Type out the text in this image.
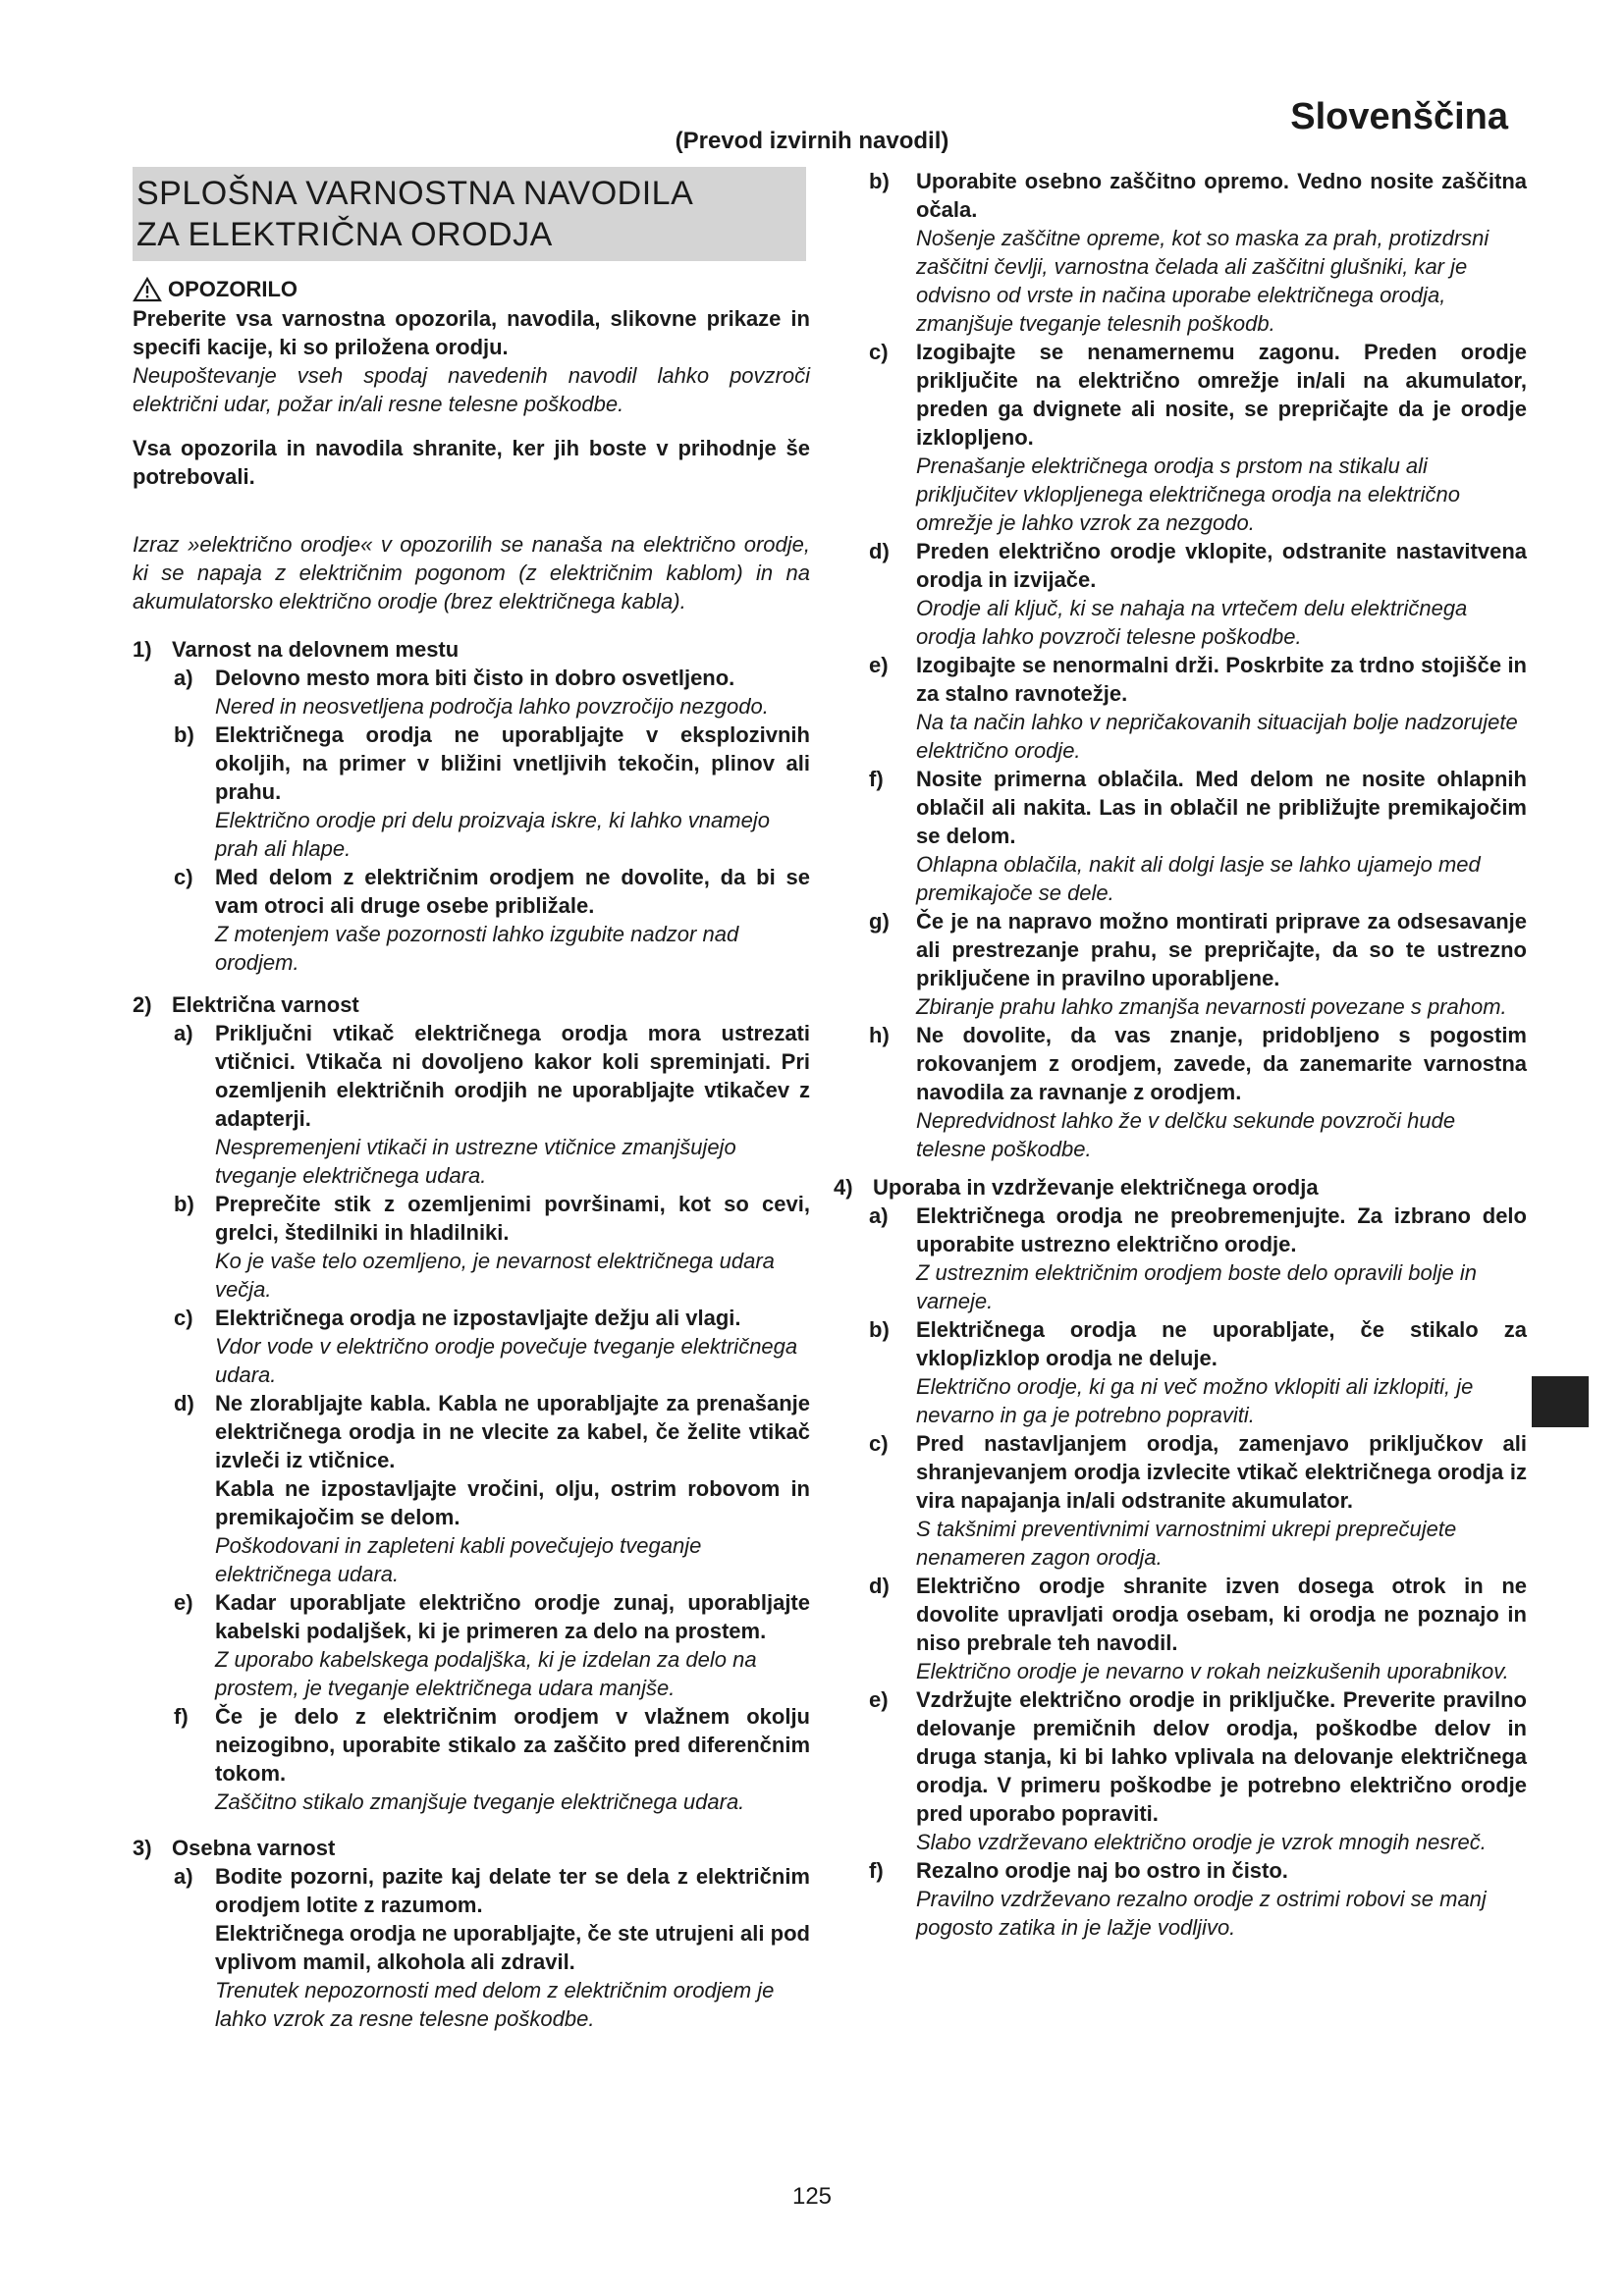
Slovenščina
(Prevod izvirnih navodil)
SPLOŠNA VARNOSTNA NAVODILA
ZA ELEKTRIČNA ORODJA
OPOZORILO

Preberite vsa varnostna opozorila, navodila, slikovne prikaze in specifi kacije, ki so priložena orodju.

Neupoštevanje vseh spodaj navedenih navodil lahko povzroči električni udar, požar in/ali resne telesne poškodbe.

Vsa opozorila in navodila shranite, ker jih boste v prihodnje še potrebovali.

Izraz »električno orodje« v opozorilih se nanaša na električno orodje, ki se napaja z električnim pogonom (z električnim kablom) in na akumulatorsko električno orodje (brez električnega kabla).

1) Varnost na delovnem mestu
a)	Delovno mesto mora biti čisto in dobro osvetljeno.

Nered in neosvetljena področja lahko povzročijo nezgodo.

b) Električnega orodja ne uporabljajte v eksplozivnih okoljih, na primer v bližini vnetljivih tekočin, plinov ali prahu.

Električno orodje pri delu proizvaja iskre, ki lahko vnamejo prah ali hlape.

c)	Med delom z električnim orodjem ne dovolite, da bi se vam otroci ali druge osebe približale.

Z motenjem vaše pozornosti lahko izgubite nadzor nad orodjem.

2) Električna varnost
a)	Priključni vtikač električnega orodja mora ustrezati vtičnici. Vtikača ni dovoljeno kakor koli spreminjati. Pri ozemljenih električnih orodjih ne uporabljajte vtikačev z adapterji.

Nespremenjeni vtikači in ustrezne vtičnice zmanjšujejo tveganje električnega udara.

b) Preprečite stik z ozemljenimi površinami, kot so cevi, grelci, štedilniki in hladilniki.

Ko je vaše telo ozemljeno, je nevarnost električnega udara večja.

c)	Električnega orodja ne izpostavljajte dežju ali vlagi.

Vdor vode v električno orodje povečuje tveganje električnega udara.

d) Ne zlorabljajte kabla. Kabla ne uporabljajte za prenašanje električnega orodja in ne vlecite za kabel, če želite vtikač izvleči iz vtičnice.

Kabla ne izpostavljajte vročini, olju, ostrim robovom in premikajočim se delom.

Poškodovani in zapleteni kabli povečujejo tveganje električnega udara.

e)	Kadar uporabljate električno orodje zunaj, uporabljajte kabelski podaljšek, ki je primeren za delo na prostem.

Z uporabo kabelskega podaljška, ki je izdelan za delo na prostem, je tveganje električnega udara manjše.

f)	Če je delo z električnim orodjem v vlažnem okolju neizogibno, uporabite stikalo za zaščito pred diferenčnim tokom.

Zaščitno stikalo zmanjšuje tveganje električnega udara.

3) Osebna varnost
a)	Bodite pozorni, pazite kaj delate ter se dela z električnim orodjem lotite z razumom.

Električnega orodja ne uporabljajte, če ste utrujeni ali pod vplivom mamil, alkohola ali zdravil.

Trenutek nepozornosti med delom z električnim orodjem je lahko vzrok za resne telesne poškodbe.

b)	Uporabite osebno zaščitno opremo. Vedno nosite zaščitna očala.

Nošenje zaščitne opreme, kot so maska za prah, protizdrsni zaščitni čevlji, varnostna čelada ali zaščitni glušniki, kar je odvisno od vrste in načina uporabe električnega orodja, zmanjšuje tveganje telesnih poškodb.

c)	Izogibajte se nenamernemu zagonu. Preden orodje priključite na električno omrežje in/ali na akumulator, preden ga dvignete ali nosite, se prepričajte da je orodje izklopljeno.

Prenašanje električnega orodja s prstom na stikalu ali priključitev vklopljenega električnega orodja na električno omrežje je lahko vzrok za nezgodo.

d)	Preden električno orodje vklopite, odstranite nastavitvena orodja in izvijače.

Orodje ali ključ, ki se nahaja na vrtečem delu električnega orodja lahko povzroči telesne poškodbe.

e)	Izogibajte se nenormalni drži. Poskrbite za trdno stojišče in za stalno ravnotežje.

Na ta način lahko v nepričakovanih situacijah bolje nadzorujete električno orodje.

f)	Nosite primerna oblačila. Med delom ne nosite ohlapnih oblačil ali nakita. Las in oblačil ne približujte premikajočim se delom.

Ohlapna oblačila, nakit ali dolgi lasje se lahko ujamejo med premikajoče se dele.

g)	Če je na napravo možno montirati priprave za odsesavanje ali prestrezanje prahu, se prepričajte, da so te ustrezno priključene in pravilno uporabljene.

Zbiranje prahu lahko zmanjša nevarnosti povezane s prahom.

h)	Ne dovolite, da vas znanje, pridobljeno s pogostim rokovanjem z orodjem, zavede, da zanemarite varnostna navodila za ravnanje z orodjem.

Nepredvidnost lahko že v delčku sekunde povzroči hude telesne poškodbe.

4) Uporaba in vzdrževanje električnega orodja
a)	Električnega orodja ne preobremenjujte. Za izbrano delo uporabite ustrezno električno orodje.

Z ustreznim električnim orodjem boste delo opravili bolje in varneje.

b)	Električnega orodja ne uporabljate, če stikalo za vklop/izklop orodja ne deluje.

Električno orodje, ki ga ni več možno vklopiti ali izklopiti, je nevarno in ga je potrebno popraviti.

c)	Pred nastavljanjem orodja, zamenjavo priključkov ali shranjevanjem orodja izvlecite vtikač električnega orodja iz vira napajanja in/ali odstranite akumulator.

S takšnimi preventivnimi varnostnimi ukrepi preprečujete nenameren zagon orodja.

d)	Električno orodje shranite izven dosega otrok in ne dovolite upravljati orodja osebam, ki orodja ne poznajo in niso prebrale teh navodil.

Električno orodje je nevarno v rokah neizkušenih uporabnikov.

e)	Vzdržujte električno orodje in priključke. Preverite pravilno delovanje premičnih delov orodja, poškodbe delov in druga stanja, ki bi lahko vplivala na delovanje električnega orodja. V primeru poškodbe je potrebno električno orodje pred uporabo popraviti.

Slabo vzdrževano električno orodje je vzrok mnogih nesreč.

f)	Rezalno orodje naj bo ostro in čisto.

Pravilno vzdrževano rezalno orodje z ostrimi robovi se manj pogosto zatika in je lažje vodljivo.

125
